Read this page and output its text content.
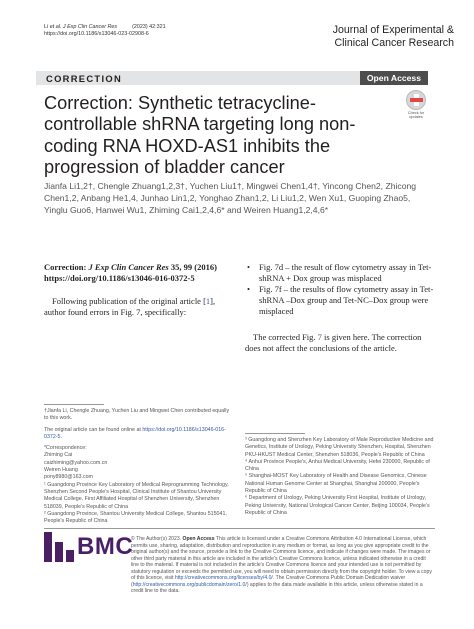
Li et al. J Exp Clin Cancer Res          (2023) 42:321
https://doi.org/10.1186/s13046-023-02908-6	Journal of Experimental &
Clinical Cancer Research
CORRECTION	Open Access
Check for
updates
Correction: Synthetic tetracycline-controllable shRNA targeting long non-coding RNA HOXD-AS1 inhibits the progression of bladder cancer
Jianfa Li1,2†, Chengle Zhuang1,2,3†, Yuchen Liu1†, Mingwei Chen1,4†, Yincong Chen2, Zhicong Chen1,2, Anbang He1,4, Junhao Lin1,2, Yonghao Zhan1,2, Li Liu1,2, Wen Xu1, Guoping Zhao5, Yinglu Guo6, Hanwei Wu1, Zhiming Cai1,2,4,6* and Weiren Huang1,2,4,6*

Correction: J Exp Clin Cancer Res 35, 99 (2016) https://doi.org/10.1186/s13046-016-0372-5

Following publication of the original article [1], author found errors in Fig. 7, specifically:

• Fig. 7d – the result of flow cytometry assay in Tet-shRNA + Dox group was misplaced
• Fig. 7f – the results of flow cytometry assay in Tet-shRNA –Dox group and Tet-NC–Dox group were misplaced

The corrected Fig. 7 is given here. The correction does not affect the conclusions of the article.

†Jianfa Li, Chengle Zhuang, Yuchen Liu and Mingwei Chen contributed equally to this work.
The original article can be found online at https://doi.org/10.1186/s13046-016-0372-5.
*Correspondence:
Zhiming Cai
caizhiming@yahoo.com.cn
Weiren Huang
pony8980@163.com
¹ Guangdong Province Key Laboratory of Medical Reprogramming Technology, Shenzhen Second People's Hospital, Clinical Institute of Shantou University Medical College, First Affiliated Hospital of Shenzhen University, Shenzhen 518039, People's Republic of China
² Guangdong Province, Shantou University Medical College, Shantou 515041, People's Republic of China
³ Guangdong and Shenzhen Key Laboratory of Male Reproductive Medicine and Genetics, Institute of Urology, Peking University Shenzhen, Hospital, Shenzhen PKU-HKUST Medical Center, Shenzhen 518036, People's Republic of China
⁴ Anhui Province People's, Anhui Medical University, Hefei 230000, Republic of China
⁵ Shanghai-MOST Key Laboratory of Health and Disease Genomics, Chinese National Human Genome Center at Shanghai, Shanghai 200000, People's Republic of China
⁶ Department of Urology, Peking University First Hospital, Institute of Urology, Peking University, National Urological Cancer Center, Beijing 100034, People's Republic of China
BMC
© The Author(s) 2023. Open Access This article is licensed under a Creative Commons Attribution 4.0 International License, which permits use, sharing, adaptation, distribution and reproduction in any medium or format, as long as you give appropriate credit to the original author(s) and the source, provide a link to the Creative Commons licence, and indicate if changes were made. The images or other third party material in this article are included in the article's Creative Commons licence, unless indicated otherwise in a credit line to the material. If material is not included in the article's Creative Commons licence and your intended use is not permitted by statutory regulation or exceeds the permitted use, you will need to obtain permission directly from the copyright holder. To view a copy of this licence, visit http://creativecommons.org/licenses/by/4.0/. The Creative Commons Public Domain Dedication waiver (http://creativecommons.org/publicdomain/zero/1.0/) applies to the data made available in this article, unless otherwise stated in a credit line to the data.
